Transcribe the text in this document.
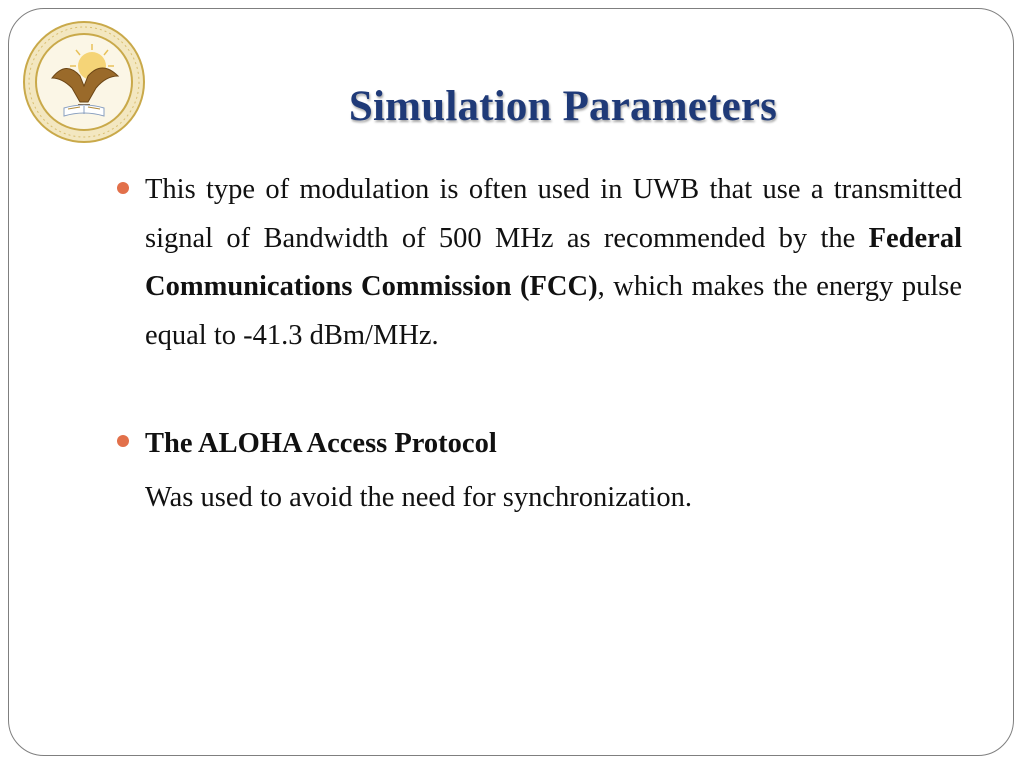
Simulation Parameters

This type of modulation is often used in UWB that use a transmitted signal of Bandwidth of 500 MHz as recommended by the Federal Communications Commission (FCC), which makes the energy pulse equal to -41.3 dBm/MHz.

The ALOHA Access Protocol

Was used to avoid the need for synchronization.
